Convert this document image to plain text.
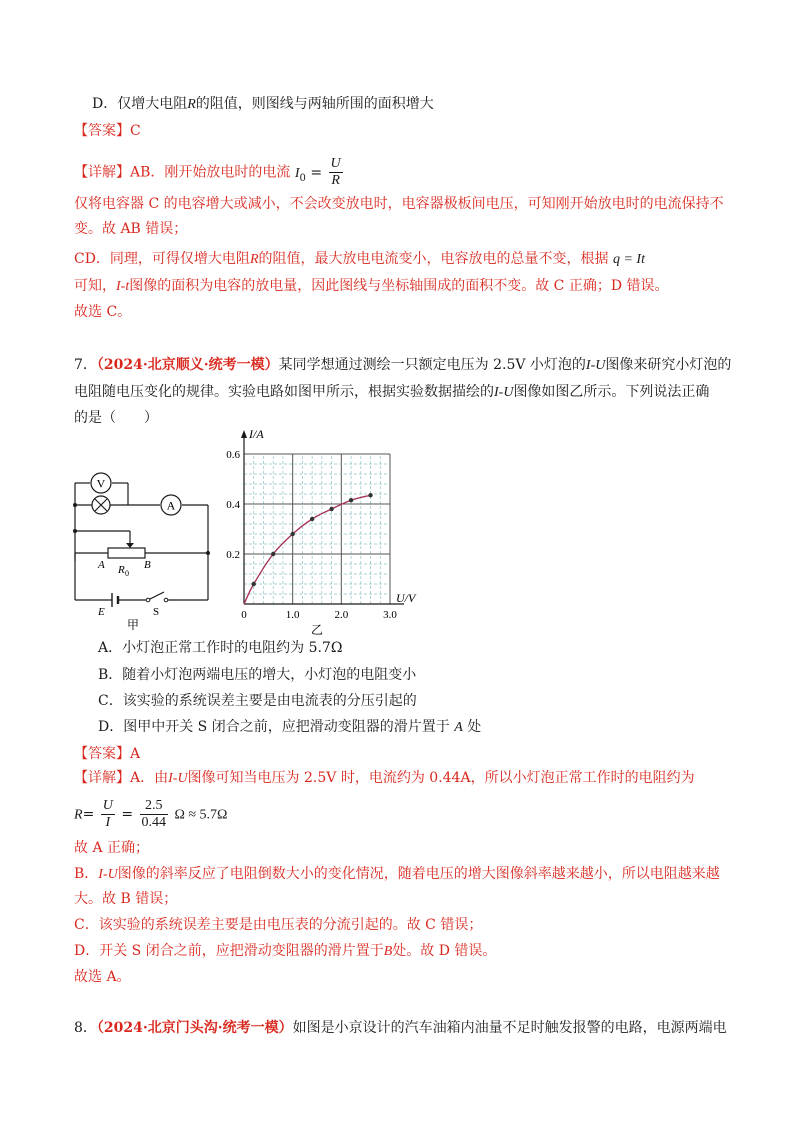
D．仅增大电阻R的阻值，则图线与两轴所围的面积增大
【答案】C
【详解】AB．刚开始放电时的电流 $I_0 = \frac{U}{R}$
仅将电容器 C 的电容增大或减小，不会改变放电时，电容器极板间电压，可知刚开始放电时的电流保持不
变。故 AB 错误；
CD．同理，可得仅增大电阻R的阻值，最大放电电流变小，电容放电的总量不变，根据 q = It
可知，I-t图像的面积为电容的放电量，因此图线与坐标轴围成的面积不变。故 C 正确；D 错误。
故选 C。
7．（2024·北京顺义·统考一模）某同学想通过测绘一只额定电压为 2.5V 小灯泡的I-U图像来研究小灯泡的
电阻随电压变化的规律。实验电路如图甲所示，根据实验数据描绘的I-U图像如图乙所示。下列说法正确
的是（　　）
V
A
A	B
R 0
E	S
甲
0.2
0.4
0.6
1.0	2.0	3.0
0
I/A
U/V
乙
A．小灯泡正常工作时的电阻约为 5.7Ω
B．随着小灯泡两端电压的增大，小灯泡的电阻变小
C．该实验的系统误差主要是由电流表的分压引起的
D．图甲中开关 S 闭合之前，应把滑动变阻器的滑片置于 A 处
【答案】A
【详解】A．由I-U图像可知当电压为 2.5V 时，电流约为 0.44A，所以小灯泡正常工作时的电阻约为
$R= \frac{U}{I} = \frac{2.5}{0.44}$ Ω ≈ 5.7Ω
故 A 正确；
B．I-U图像的斜率反应了电阻倒数大小的变化情况，随着电压的增大图像斜率越来越小，所以电阻越来越
大。故 B 错误；
C．该实验的系统误差主要是由电压表的分流引起的。故 C 错误；
D．开关 S 闭合之前，应把滑动变阻器的滑片置于B处。故 D 错误。
故选 A。
8．（2024·北京门头沟·统考一模）如图是小京设计的汽车油箱内油量不足时触发报警的电路，电源两端电
